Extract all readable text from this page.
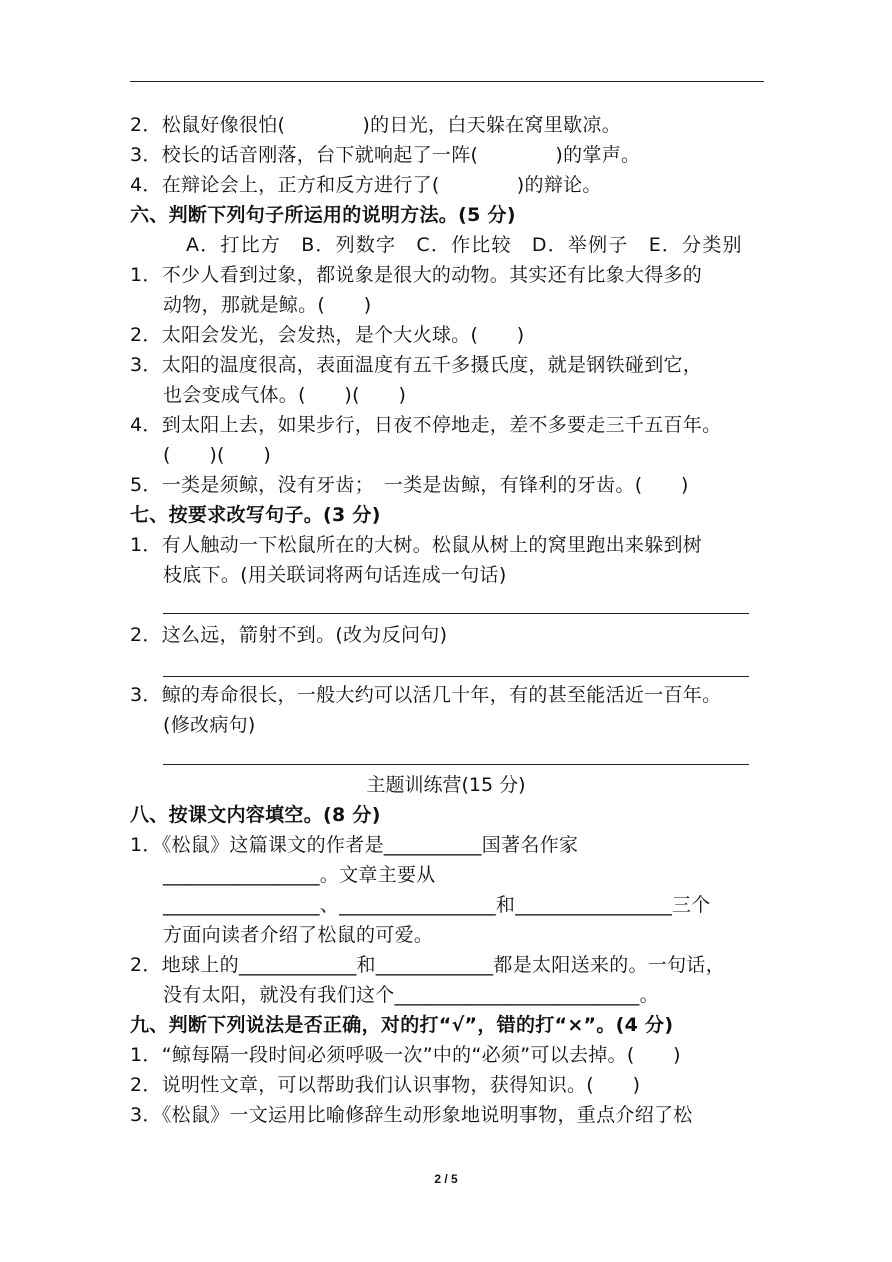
2．松鼠好像很怕(　　　　)的日光，白天躲在窝里歇凉。
3．校长的话音刚落，台下就响起了一阵(　　　　)的掌声。
4．在辩论会上，正方和反方进行了(　　　　)的辩论。
六、判断下列句子所运用的说明方法。(5 分)
A．打比方　B．列数字　C．作比较　D．举例子　E．分类别
1．不少人看到过象，都说象是很大的动物。其实还有比象大得多的
动物，那就是鲸。(　　)
2．太阳会发光，会发热，是个大火球。(　　)
3．太阳的温度很高，表面温度有五千多摄氏度，就是钢铁碰到它，
也会变成气体。(　　)(　　)
4．到太阳上去，如果步行，日夜不停地走，差不多要走三千五百年。
(　　)(　　)
5．一类是须鲸，没有牙齿；　一类是齿鲸，有锋利的牙齿。(　　)
七、按要求改写句子。(3 分)
1．有人触动一下松鼠所在的大树。松鼠从树上的窝里跑出来躲到树
枝底下。(用关联词将两句话连成一句话)
2．这么远，箭射不到。(改为反问句)
3．鲸的寿命很长，一般大约可以活几十年，有的甚至能活近一百年。
(修改病句)
主题训练营(15 分)
八、按课文内容填空。(8 分)
1．《松鼠》这篇课文的作者是__________国著名作家
________________。文章主要从
________________、________________和________________三个
方面向读者介绍了松鼠的可爱。
2．地球上的____________和____________都是太阳送来的。一句话，
没有太阳，就没有我们这个_________________________。
九、判断下列说法是否正确，对的打“√”，错的打“×”。(4 分)
1．“鲸每隔一段时间必须呼吸一次”中的“必须”可以去掉。(　　)
2．说明性文章，可以帮助我们认识事物，获得知识。(　　)
3．《松鼠》一文运用比喻修辞生动形象地说明事物，重点介绍了松
2 / 5
